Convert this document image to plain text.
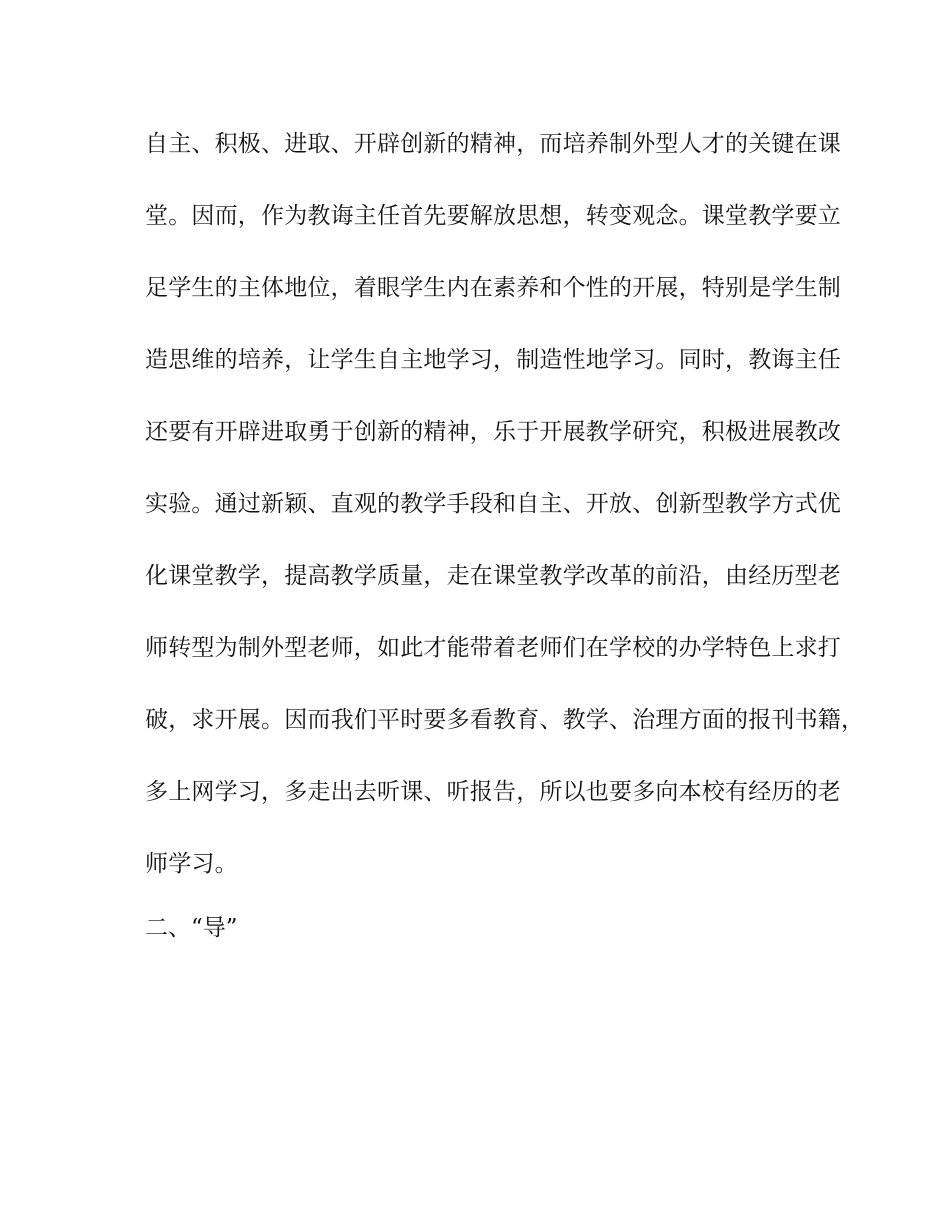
自主、积极、进取、开辟创新的精神，而培养制外型人才的关键在课
堂。因而，作为教诲主任首先要解放思想，转变观念。课堂教学要立
足学生的主体地位，着眼学生内在素养和个性的开展，特别是学生制
造思维的培养，让学生自主地学习，制造性地学习。同时，教诲主任
还要有开辟进取勇于创新的精神，乐于开展教学研究，积极进展教改
实验。通过新颖、直观的教学手段和自主、开放、创新型教学方式优
化课堂教学，提高教学质量，走在课堂教学改革的前沿，由经历型老
师转型为制外型老师，如此才能带着老师们在学校的办学特色上求打
破，求开展。因而我们平时要多看教育、教学、治理方面的报刊书籍，
多上网学习，多走出去听课、听报告，所以也要多向本校有经历的老
师学习。
二、“导”
